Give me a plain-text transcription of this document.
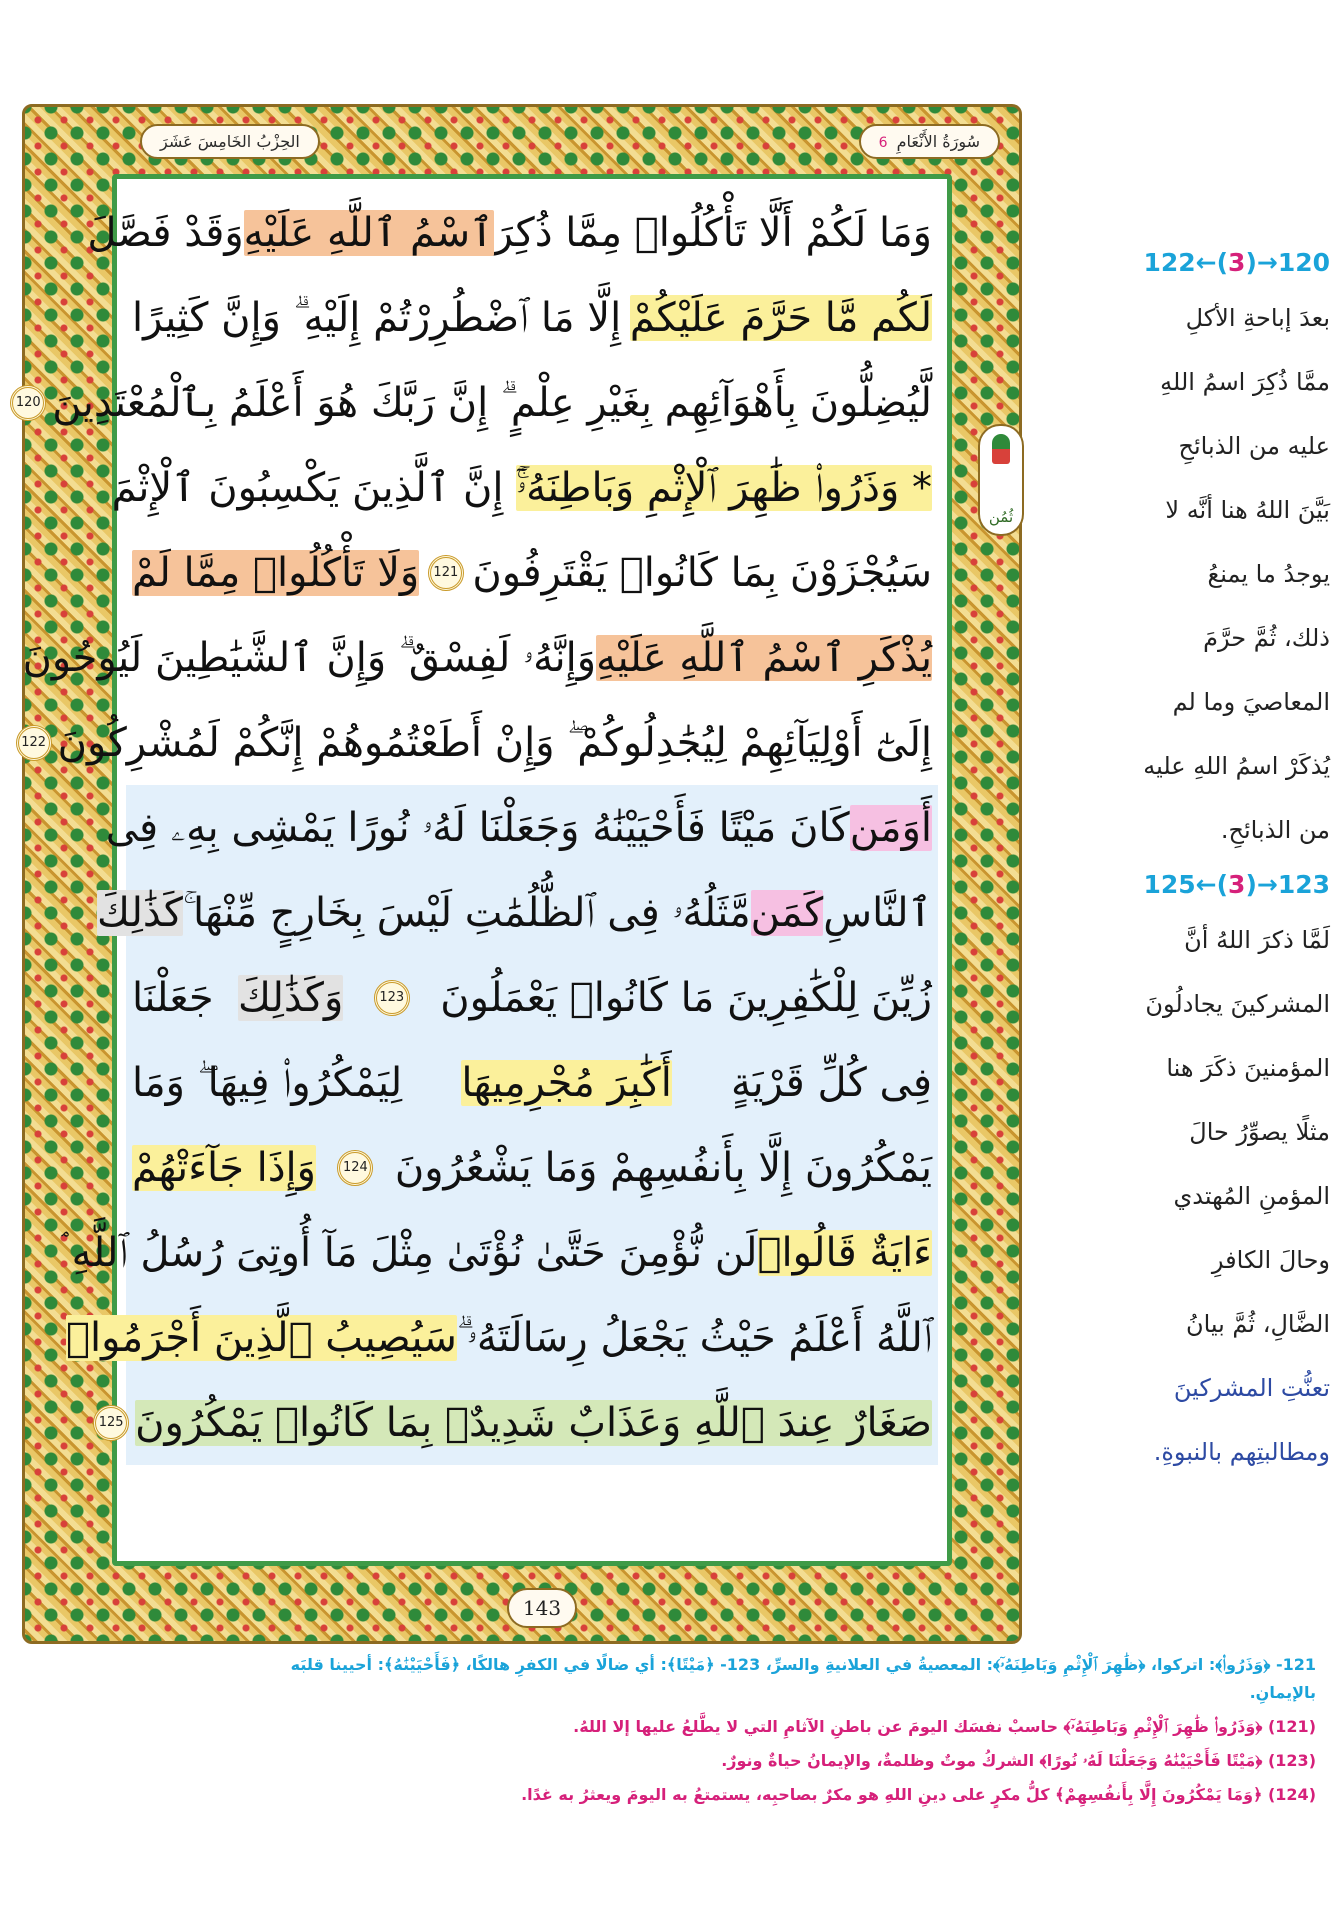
سُورَةُ الأَنْعَامِ 6
الحِزْبُ الخَامِسَ عَشَرَ
وَمَا لَكُمْ أَلَّا تَأْكُلُوا۟ مِمَّا ذُكِرَ
ٱسْمُ ٱللَّهِ عَلَيْهِ
وَقَدْ فَصَّلَ
لَكُم مَّا حَرَّمَ عَلَيْكُمْ
إِلَّا مَا ٱضْطُرِرْتُمْ إِلَيْهِ ۗ وَإِنَّ كَثِيرًا
لَّيُضِلُّونَ بِأَهْوَآئِهِم بِغَيْرِ عِلْمٍ ۗ إِنَّ رَبَّكَ هُوَ أَعْلَمُ بِٱلْمُعْتَدِينَ
120
* وَذَرُوا۟ ظَٰهِرَ ٱلْإِثْمِ وَبَاطِنَهُۥٓ
ۚ إِنَّ ٱلَّذِينَ يَكْسِبُونَ ٱلْإِثْمَ
سَيُجْزَوْنَ بِمَا كَانُوا۟ يَقْتَرِفُونَ
121
وَلَا تَأْكُلُوا۟ مِمَّا لَمْ
يُذْكَرِ ٱسْمُ ٱللَّهِ عَلَيْهِ
وَإِنَّهُۥ لَفِسْقٌ ۗ وَإِنَّ ٱلشَّيَٰطِينَ لَيُوحُونَ
إِلَىٰٓ أَوْلِيَآئِهِمْ لِيُجَٰدِلُوكُمْ ۖ وَإِنْ أَطَعْتُمُوهُمْ إِنَّكُمْ لَمُشْرِكُونَ
122
أَوَمَن
كَانَ مَيْتًا فَأَحْيَيْنَٰهُ وَجَعَلْنَا لَهُۥ نُورًا يَمْشِى بِهِۦ فِى
ٱلنَّاسِ
كَمَن
مَّثَلُهُۥ فِى ٱلظُّلُمَٰتِ لَيْسَ بِخَارِجٍ مِّنْهَا ۚ
كَذَٰلِكَ
زُيِّنَ لِلْكَٰفِرِينَ مَا كَانُوا۟ يَعْمَلُونَ
123
وَكَذَٰلِكَ
جَعَلْنَا
فِى كُلِّ قَرْيَةٍ
أَكَٰبِرَ مُجْرِمِيهَا
لِيَمْكُرُوا۟ فِيهَا ۖ وَمَا
يَمْكُرُونَ إِلَّا بِأَنفُسِهِمْ وَمَا يَشْعُرُونَ
124
وَإِذَا جَآءَتْهُمْ
ءَايَةٌ قَالُوا۟
لَن نُّؤْمِنَ حَتَّىٰ نُؤْتَىٰ مِثْلَ مَآ أُوتِىَ رُسُلُ ٱللَّهِ ۘ
ٱللَّهُ أَعْلَمُ حَيْثُ يَجْعَلُ رِسَالَتَهُۥ ۗ
سَيُصِيبُ ٱلَّذِينَ أَجْرَمُوا۟
صَغَارٌ عِندَ ٱللَّهِ وَعَذَابٌ شَدِيدٌۢ بِمَا كَانُوا۟ يَمْكُرُونَ
125
ثُمُن
143
122←(3)→120
بعدَ إباحةِ الأكلِ
ممَّا ذُكِرَ اسمُ اللهِ
عليه من الذبائحِ
بَيَّنَ اللهُ هنا أنَّه لا
يوجدُ ما يمنعُ
ذلك، ثُمَّ حرَّمَ
المعاصيَ وما لم
يُذكَرْ اسمُ اللهِ عليه
من الذبائحِ.
125←(3)→123
لَمَّا ذكرَ اللهُ أنَّ
المشركينَ يجادلُونَ
المؤمنينَ ذكَرَ هنا
مثلًا يصوِّرُ حالَ
المؤمنِ المُهتدي
وحالَ الكافرِ
الضَّالِ، ثُمَّ بيانُ
تعنُّتِ المشركينَ
ومطالبتِهم بالنبوةِ.
121- ﴿وَذَرُوا۟﴾: اتركوا، ﴿ظَٰهِرَ ٱلْإِثْمِ وَبَاطِنَهُۥٓ﴾: المعصيةُ في العلانيةِ والسرِّ، 123- ﴿مَيْتًا﴾: أي ضالًا في الكفرِ هالكًا، ﴿فَأَحْيَيْنَٰهُ﴾: أحيينا قلبَه
بالإيمانِ.
(121) ﴿وَذَرُوا۟ ظَٰهِرَ ٱلْإِثْمِ وَبَاطِنَهُۥٓ﴾ حاسبْ نفسَك اليومَ عن باطنِ الآثامِ التي لا يطَّلعُ عليها إلا اللهُ.
(123) ﴿مَيْتًا فَأَحْيَيْنَٰهُ وَجَعَلْنَا لَهُۥ نُورًا﴾ الشركُ موتٌ وظلمةٌ، والإيمانُ حياةٌ ونورٌ.
(124) ﴿وَمَا يَمْكُرُونَ إِلَّا بِأَنفُسِهِمْ﴾ كلُّ مكرٍ على دينِ اللهِ هو مكرٌ بصاحبِه، يستمتعُ به اليومَ ويعثرُ به غدًا.
